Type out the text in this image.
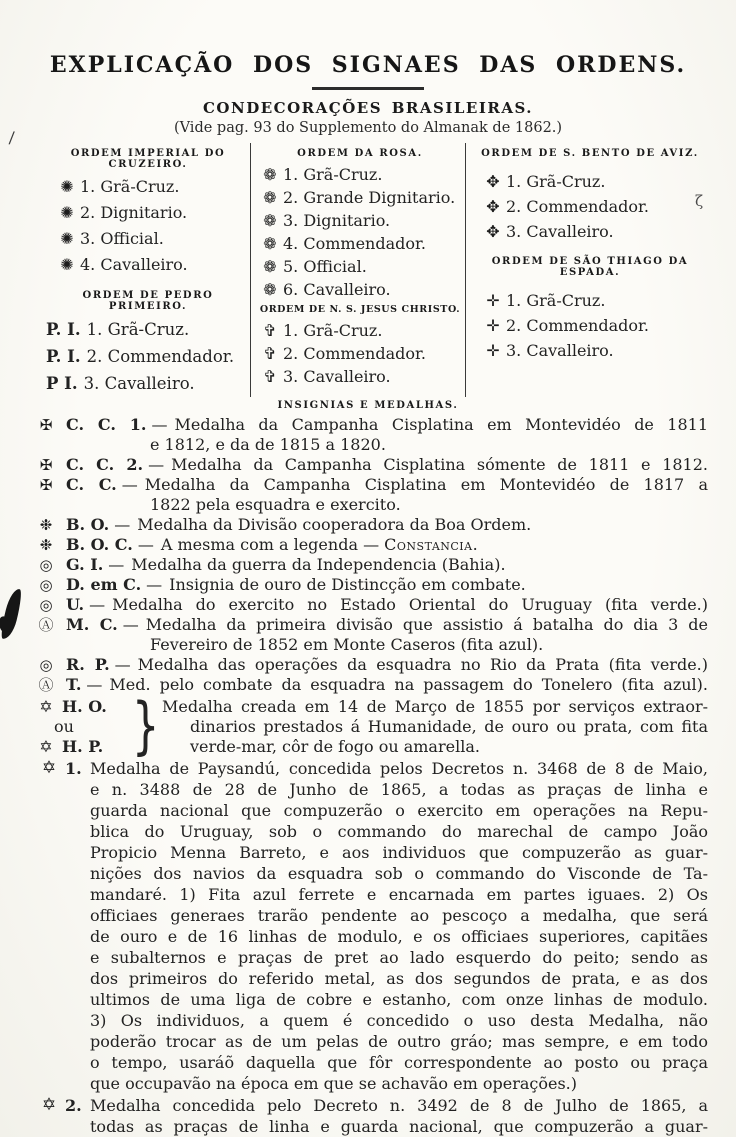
/
ζ
EXPLICAÇÃO DOS SIGNAES DAS ORDENS.
CONDECORAÇÕES BRASILEIRAS.
(Vide pag. 93 do Supplemento do Almanak de 1862.)
ORDEM IMPERIAL DO CRUZEIRO.
✺ 1. Grã-Cruz.
✺ 2. Dignitario.
✺ 3. Official.
✺ 4. Cavalleiro.
ORDEM DE PEDRO PRIMEIRO.
P. I. 1. Grã-Cruz.
P. I. 2. Commendador.
P I. 3. Cavalleiro.
ORDEM DA ROSA.
❁ 1. Grã-Cruz.
❁ 2. Grande Dignitario.
❁ 3. Dignitario.
❁ 4. Commendador.
❁ 5. Official.
❁ 6. Cavalleiro.
ORDEM DE N. S. JESUS CHRISTO.
✞ 1. Grã-Cruz.
✞ 2. Commendador.
✞ 3. Cavalleiro.
ORDEM DE S. BENTO DE AVIZ.
✥ 1. Grã-Cruz.
✥ 2. Commendador.
✥ 3. Cavalleiro.
ORDEM DE SÃO THIAGO DA ESPADA.
✛ 1. Grã-Cruz.
✛ 2. Commendador.
✛ 3. Cavalleiro.
INSIGNIAS E MEDALHAS.
✠ C. C. 1. — Medalha da Campanha Cisplatina em Montevidéo de 1811
e 1812, e da de 1815 a 1820.
✠ C. C. 2. — Medalha da Campanha Cisplatina sómente de 1811 e 1812.
✠ C. C. — Medalha da Campanha Cisplatina em Montevidéo de 1817 a
1822 pela esquadra e exercito.
❉ B. O. — Medalha da Divisão cooperadora da Boa Ordem.
❉ B. O. C. — A mesma com a legenda — Constancia.
◎ G. I. — Medalha da guerra da Independencia (Bahia).
◎ D. em C. — Insignia de ouro de Distincção em combate.
◎ U. — Medalha do exercito no Estado Oriental do Uruguay (fita verde.)
Ⓐ M. C. — Medalha da primeira divisão que assistio á batalha do dia 3 de
Fevereiro de 1852 em Monte Caseros (fita azul).
◎ R. P. — Medalha das operações da esquadra no Rio da Prata (fita verde.)
Ⓐ T. — Med. pelo combate da esquadra na passagem do Tonelero (fita azul).
✡ H. O.
ou
✡ H. P. } Medalha creada em 14 de Março de 1855 por serviços extraor-
dinarios prestados á Humanidade, de ouro ou prata, com fita
verde-mar, côr de fogo ou amarella.
✡ 1. Medalha de Paysandú, concedida pelos Decretos n. 3468 de 8 de Maio,
e n. 3488 de 28 de Junho de 1865, a todas as praças de linha e
guarda nacional que compuzerão o exercito em operações na Repu-
blica do Uruguay, sob o commando do marechal de campo João
Propicio Menna Barreto, e aos individuos que compuzerão as guar-
nições dos navios da esquadra sob o commando do Visconde de Ta-
mandaré. 1) Fita azul ferrete e encarnada em partes iguaes. 2) Os
officiaes generaes trarão pendente ao pescoço a medalha, que será
de ouro e de 16 linhas de modulo, e os officiaes superiores, capitães
e subalternos e praças de pret ao lado esquerdo do peito; sendo as
dos primeiros do referido metal, as dos segundos de prata, e as dos
ultimos de uma liga de cobre e estanho, com onze linhas de modulo.
3) Os individuos, a quem é concedido o uso desta Medalha, não
poderão trocar as de um pelas de outro gráo; mas sempre, e em todo
o tempo, usaráõ daquella que fôr correspondente ao posto ou praça
que occupavão na época em que se achavão em operações.)
✡ 2. Medalha concedida pelo Decreto n. 3492 de 8 de Julho de 1865, a
todas as praças de linha e guarda nacional, que compuzerão a guar-
